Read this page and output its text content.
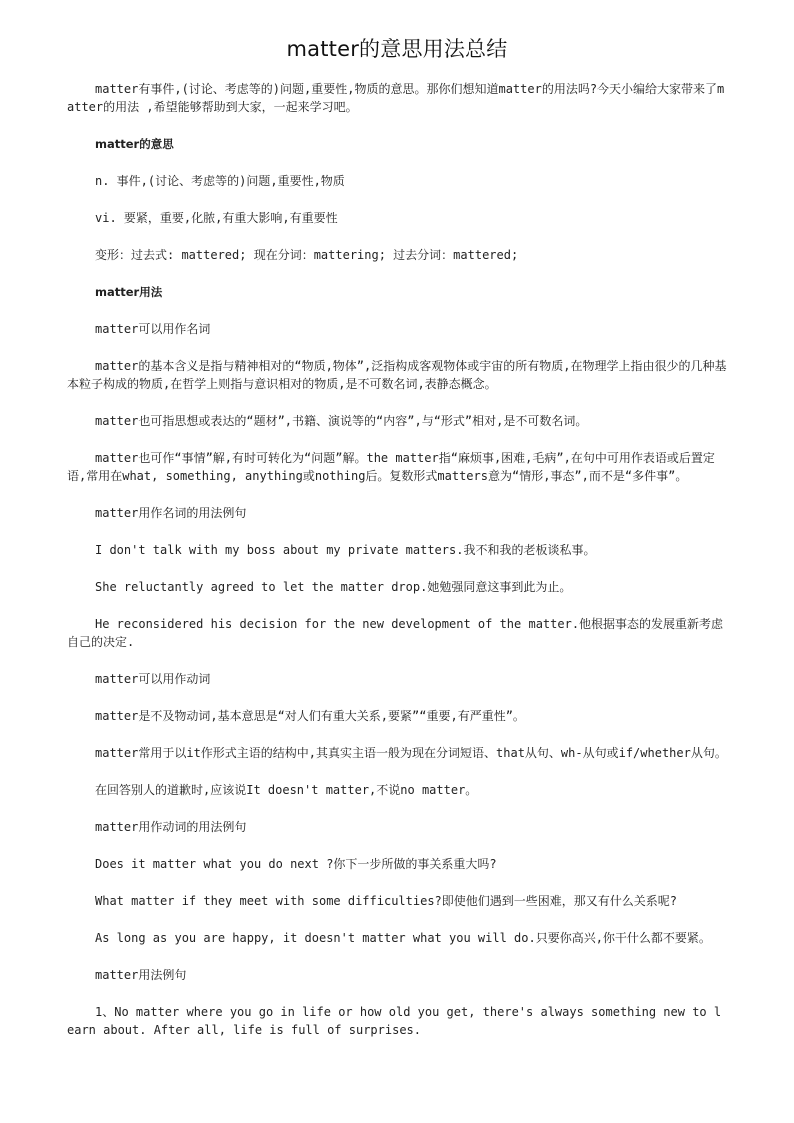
matter的意思用法总结

matter有事件,(讨论、考虑等的)问题,重要性,物质的意思。那你们想知道matter的用法吗?今天小编给大家带来了matter的用法 ,希望能够帮助到大家，一起来学习吧。

matter的意思

n. 事件,(讨论、考虑等的)问题,重要性,物质

vi. 要紧，重要,化脓,有重大影响,有重要性

变形：过去式: mattered; 现在分词：mattering; 过去分词：mattered;

matter用法

matter可以用作名词

matter的基本含义是指与精神相对的“物质,物体”,泛指构成客观物体或宇宙的所有物质,在物理学上指由很少的几种基本粒子构成的物质,在哲学上则指与意识相对的物质,是不可数名词,表静态概念。

matter也可指思想或表达的“题材”,书籍、演说等的“内容”,与“形式”相对,是不可数名词。

matter也可作“事情”解,有时可转化为“问题”解。the matter指“麻烦事,困难,毛病”,在句中可用作表语或后置定语,常用在what, something, anything或nothing后。复数形式matters意为“情形,事态”,而不是“多件事”。

matter用作名词的用法例句

I don't talk with my boss about my private matters.我不和我的老板谈私事。

She reluctantly agreed to let the matter drop.她勉强同意这事到此为止。

He reconsidered his decision for the new development of the matter.他根据事态的发展重新考虑自己的决定.

matter可以用作动词

matter是不及物动词,基本意思是“对人们有重大关系,要紧”“重要,有严重性”。

matter常用于以it作形式主语的结构中,其真实主语一般为现在分词短语、that从句、wh-从句或if/whether从句。

在回答别人的道歉时,应该说It doesn't matter,不说no matter。

matter用作动词的用法例句

Does it matter what you do next ?你下一步所做的事关系重大吗?

What matter if they meet with some difficulties?即使他们遇到一些困难，那又有什么关系呢?

As long as you are happy, it doesn't matter what you will do.只要你高兴,你干什么都不要紧。

matter用法例句

1、No matter where you go in life or how old you get, there's always something new to learn about. After all, life is full of surprises.
